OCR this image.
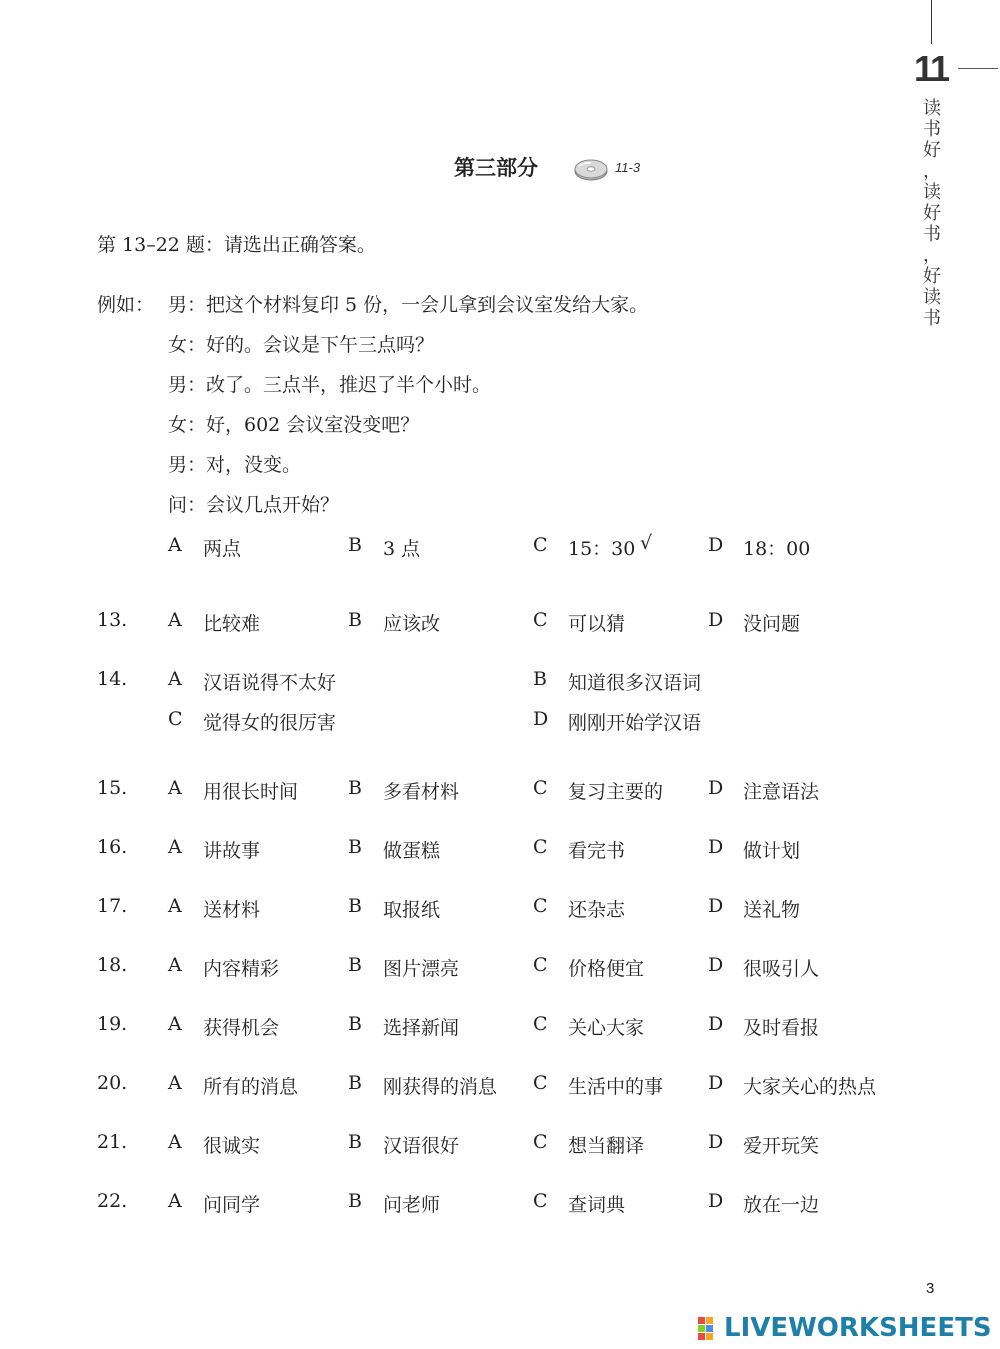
11
读
书
好
，
读
好
书
，
好
读
书
第三部分	11-3
第 13–22 题：请选出正确答案。
例如： 男：把这个材料复印 5 份，一会儿拿到会议室发给大家。
女：好的。会议是下午三点吗？
男：改了。三点半，推迟了半个小时。
女：好，602 会议室没变吧？
男：对，没变。
问：会议几点开始？
A 两点	B 3 点	C 15：30 √	D 18：00
13. A 比较难	B 应该改	C 可以猜	D 没问题
14. A 汉语说得不太好	B 知道很多汉语词
C 觉得女的很厉害	D 刚刚开始学汉语
15. A 用很长时间	B 多看材料	C 复习主要的 D 注意语法
16. A 讲故事	B 做蛋糕	C 看完书	D 做计划
17. A 送材料	B 取报纸	C 还杂志	D 送礼物
18. A 内容精彩	B 图片漂亮	C 价格便宜	D 很吸引人
19. A 获得机会	B 选择新闻	C 关心大家	D 及时看报
20. A 所有的消息	B 刚获得的消息 C 生活中的事 D 大家关心的热点
21. A 很诚实	B 汉语很好	C 想当翻译	D 爱开玩笑
22. A 问同学	B 问老师	C 查词典	D 放在一边
3
LIVEWORKSHEETS
